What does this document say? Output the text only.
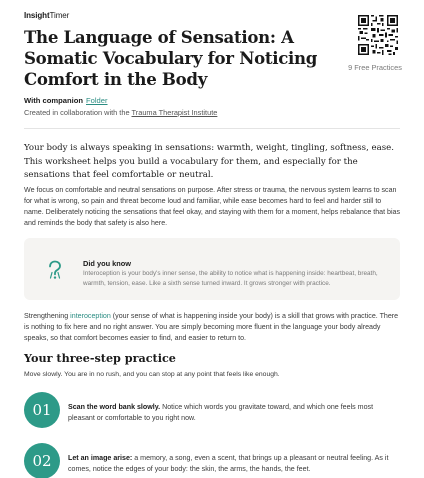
InsightTimer
The Language of Sensation: A Somatic Vocabulary for Noticing Comfort in the Body
9 Free Practices
With companion Folder
Created in collaboration with the Trauma Therapist Institute
Your body is always speaking in sensations: warmth, weight, tingling, softness, ease. This worksheet helps you build a vocabulary for them, and especially for the sensations that feel comfortable or neutral.
We focus on comfortable and neutral sensations on purpose. After stress or trauma, the nervous system learns to scan for what is wrong, so pain and threat become loud and familiar, while ease becomes hard to feel and harder still to name. Deliberately noticing the sensations that feel okay, and staying with them for a moment, helps rebalance that bias and reminds the body that safety is also here.
Did you know
Interoception is your body's inner sense, the ability to notice what is happening inside: heartbeat, breath, warmth, tension, ease. Like a sixth sense turned inward. It grows stronger with practice.
Strengthening interoception (your sense of what is happening inside your body) is a skill that grows with practice. There is nothing to fix here and no right answer. You are simply becoming more fluent in the language your body already speaks, so that comfort becomes easier to find, and easier to return to.
Your three-step practice
Move slowly. You are in no rush, and you can stop at any point that feels like enough.
01	Scan the word bank slowly. Notice which words you gravitate toward, and which one feels most pleasant or comfortable to you right now.
02	Let an image arise: a memory, a song, even a scent, that brings up a pleasant or neutral feeling. As it comes, notice the edges of your body: the skin, the arms, the hands, the feet.
